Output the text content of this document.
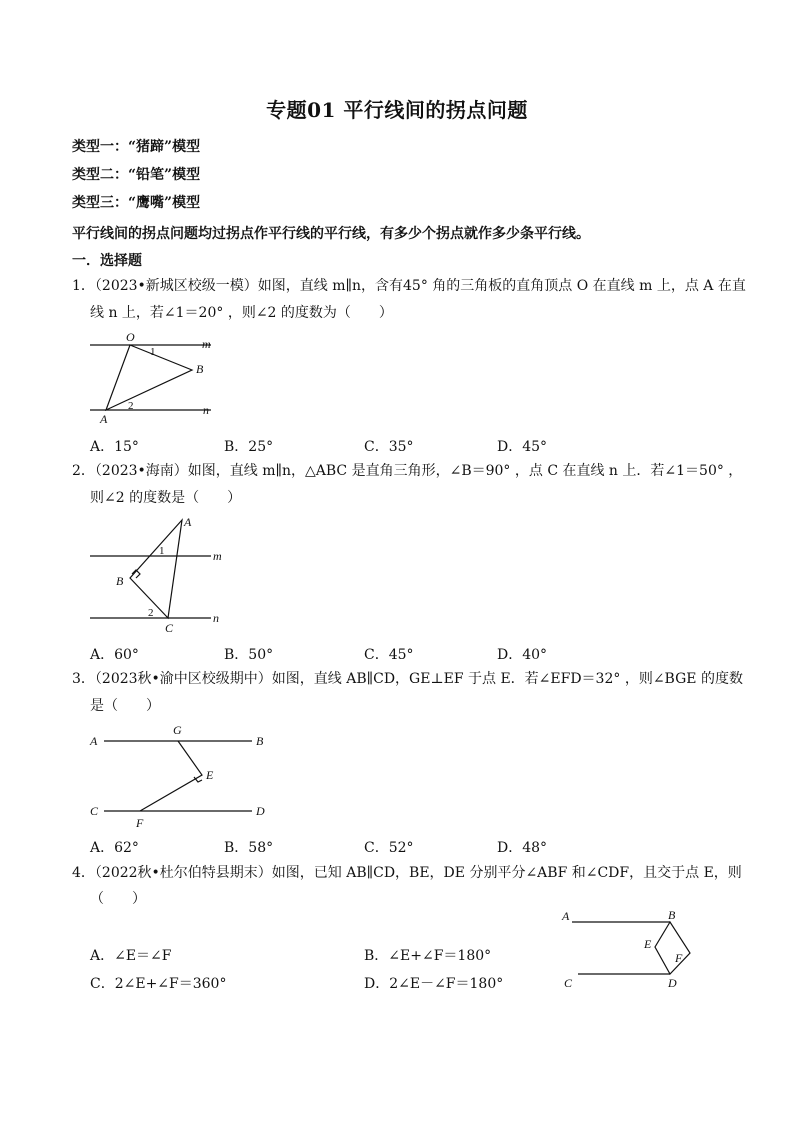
专题01 平行线间的拐点问题
类型一：“猪蹄”模型
类型二：“铅笔”模型
类型三：“鹰嘴”模型
平行线间的拐点问题均过拐点作平行线的平行线，有多少个拐点就作多少条平行线。
一．选择题
1．（2023•新城区校级一模）如图，直线 m∥n，含有45° 角的三角板的直角顶点 O 在直线 m 上，点 A 在直
线 n 上，若∠1＝20° ，则∠2 的度数为（　　）
O	m
B
A
n
1
2
A．15°	B．25°	C．35°	D．45°
2．（2023•海南）如图，直线 m∥n，△ABC 是直角三角形，∠B＝90° ，点 C 在直线 n 上．若∠1＝50° ，
则∠2 的度数是（　　）
A
m
B
C
n
1
2
A．60°	B．50°	C．45°	D．40°
3．（2023秋•渝中区校级期中）如图，直线 AB∥CD，GE⊥EF 于点 E．若∠EFD＝32° ，则∠BGE 的度数
是（　　）
A
G
B
E
C
F
D
A．62°	B．58°	C．52°	D．48°
4．（2022秋•杜尔伯特县期末）如图，已知 AB∥CD，BE，DE 分别平分∠ABF 和∠CDF，且交于点 E，则
（　　）
A	B
E
F
C	D
A．∠E＝∠F	B．∠E+∠F＝180°
C．2∠E+∠F＝360°	D．2∠E－∠F＝180°
